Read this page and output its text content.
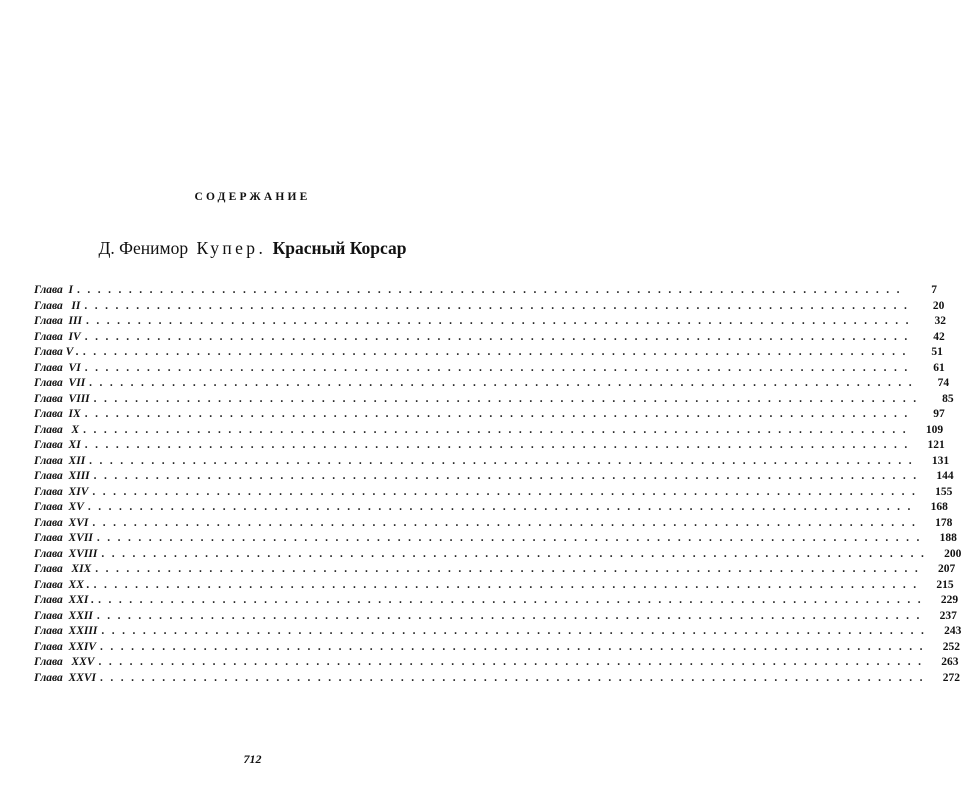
СОДЕРЖАНИЕ
Д. Фенимор Купер. Красный Корсар
Глава  I ................................................................................	7
Глава   II ................................................................................	20
Глава  III ................................................................................	32
Глава  IV ................................................................................	42
Глава V . ................................................................................	51
Глава  VI ................................................................................	61
Глава  VII ................................................................................	74
Глава  VIII ................................................................................	85
Глава  IX ................................................................................	97
Глава   X ................................................................................	109
Глава  XI ................................................................................	121
Глава  XII ................................................................................	131
Глава  XIII ................................................................................	144
Глава  XIV ................................................................................	155
Глава  XV ................................................................................	168
Глава  XVI ................................................................................	178
Глава  XVII ................................................................................	188
Глава  XVIII ................................................................................	200
Глава   XIX ................................................................................	207
Глава  XX . ................................................................................	215
Глава  XXI . ................................................................................	229
Глава  XXII ................................................................................	237
Глава  XXIII ................................................................................	243
Глава  XXIV ................................................................................	252
Глава   XXV ................................................................................	263
Глава  XXVI ................................................................................	272
712
